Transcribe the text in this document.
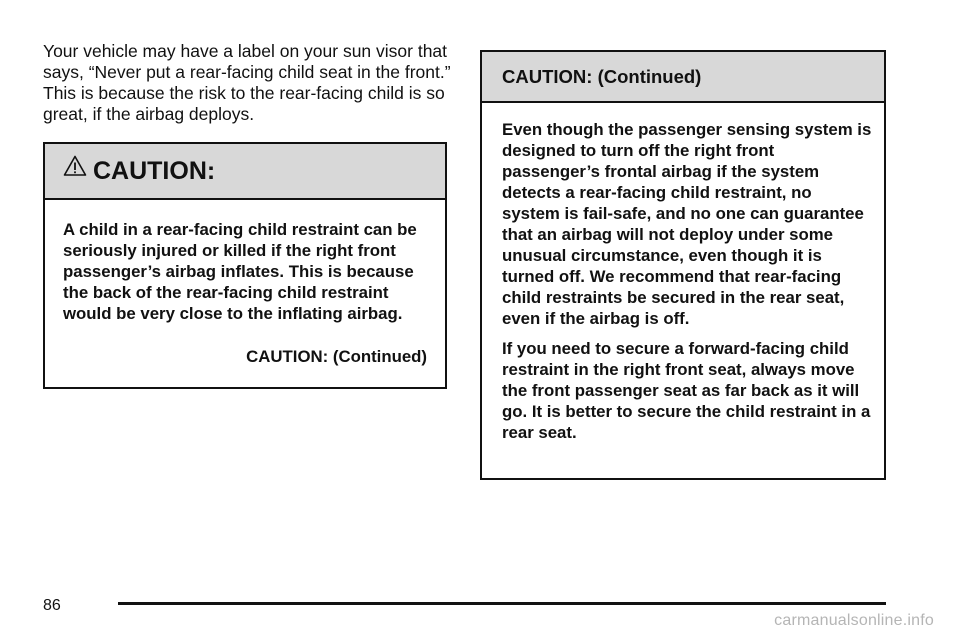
Your vehicle may have a label on your sun visor that says, “Never put a rear-facing child seat in the front.” This is because the risk to the rear-facing child is so great, if the airbag deploys.

CAUTION:

A child in a rear-facing child restraint can be seriously injured or killed if the right front passenger’s airbag inflates. This is because the back of the rear-facing child restraint would be very close to the inflating airbag.

CAUTION: (Continued)

CAUTION: (Continued)

Even though the passenger sensing system is designed to turn off the right front passenger’s frontal airbag if the system detects a rear-facing child restraint, no system is fail-safe, and no one can guarantee that an airbag will not deploy under some unusual circumstance, even though it is turned off. We recommend that rear-facing child restraints be secured in the rear seat, even if the airbag is off.

If you need to secure a forward-facing child restraint in the right front seat, always move the front passenger seat as far back as it will go. It is better to secure the child restraint in a rear seat.

86

carmanualsonline.info
